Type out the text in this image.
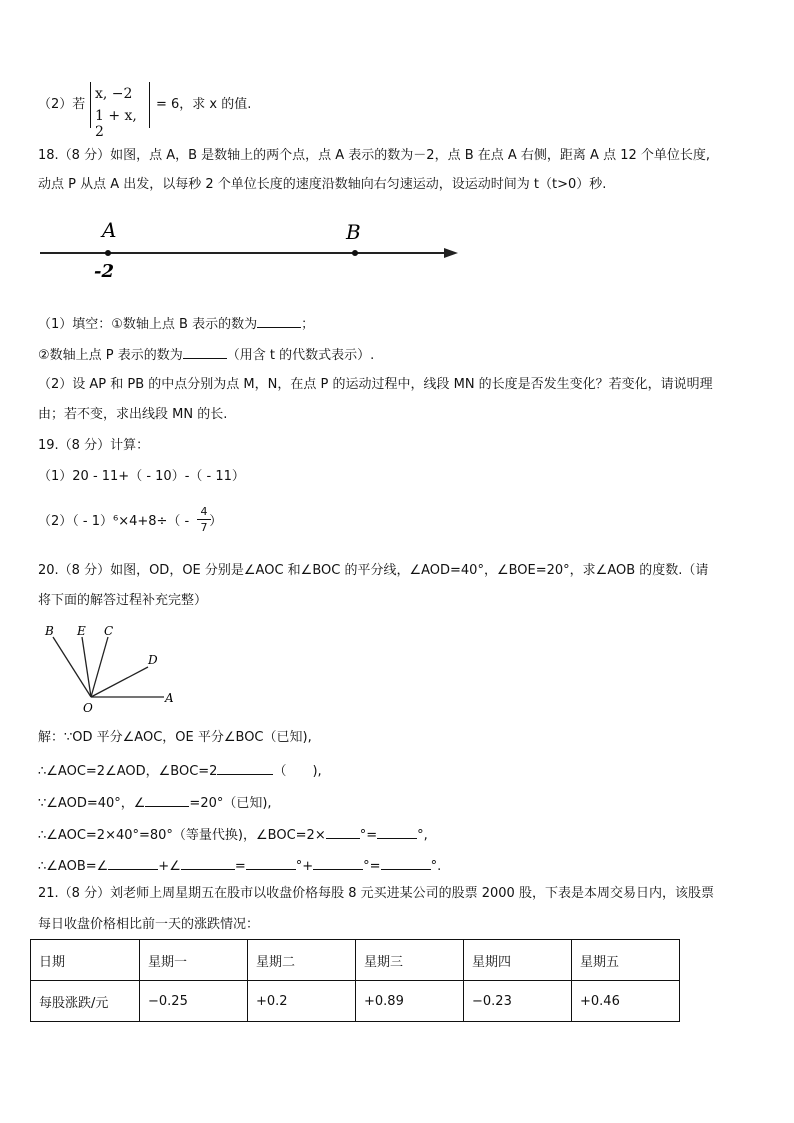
（2）若
x, −2
1 + x, 2
= 6，求 x 的值.
18.（8 分）如图，点 A，B 是数轴上的两个点，点 A 表示的数为－2，点 B 在点 A 右侧，距离 A 点 12 个单位长度,
动点 P 从点 A 出发，以每秒 2 个单位长度的速度沿数轴向右匀速运动，设运动时间为 t（t>0）秒.
A	B
-2
（1）填空：①数轴上点 B 表示的数为	；
②数轴上点 P 表示的数为	（用含 t 的代数式表示）.
（2）设 AP 和 PB 的中点分别为点 M，N，在点 P 的运动过程中，线段 MN 的长度是否发生变化？若变化，请说明理
由；若不变，求出线段 MN 的长.
19.（8 分）计算：
（1）20 - 11+（ - 10）-（ - 11）
（2）（ - 1）⁶×4+8÷（ - ）
4
7
20.（8 分）如图，OD，OE 分别是∠AOC 和∠BOC 的平分线，∠AOD=40°，∠BOE=20°，求∠AOB 的度数.（请
将下面的解答过程补充完整）
B E C
D
A
O
解：∵OD 平分∠AOC，OE 平分∠BOC（已知),
∴∠AOC=2∠AOD，∠BOC=2	（　　),
∵∠AOD=40°，∠	=20°（已知),
∴∠AOC=2×40°=80°（等量代换)，∠BOC=2×	°=	°,
∴∠AOB=∠	+∠	=	°+	°=	°.
21.（8 分）刘老师上周星期五在股市以收盘价格每股 8 元买进某公司的股票 2000 股，下表是本周交易日内，该股票
每日收盘价格相比前一天的涨跌情况：
日期	星期一	星期二	星期三	星期四	星期五
每股涨跌/元	−0.25	+0.2	+0.89	−0.23	+0.46
